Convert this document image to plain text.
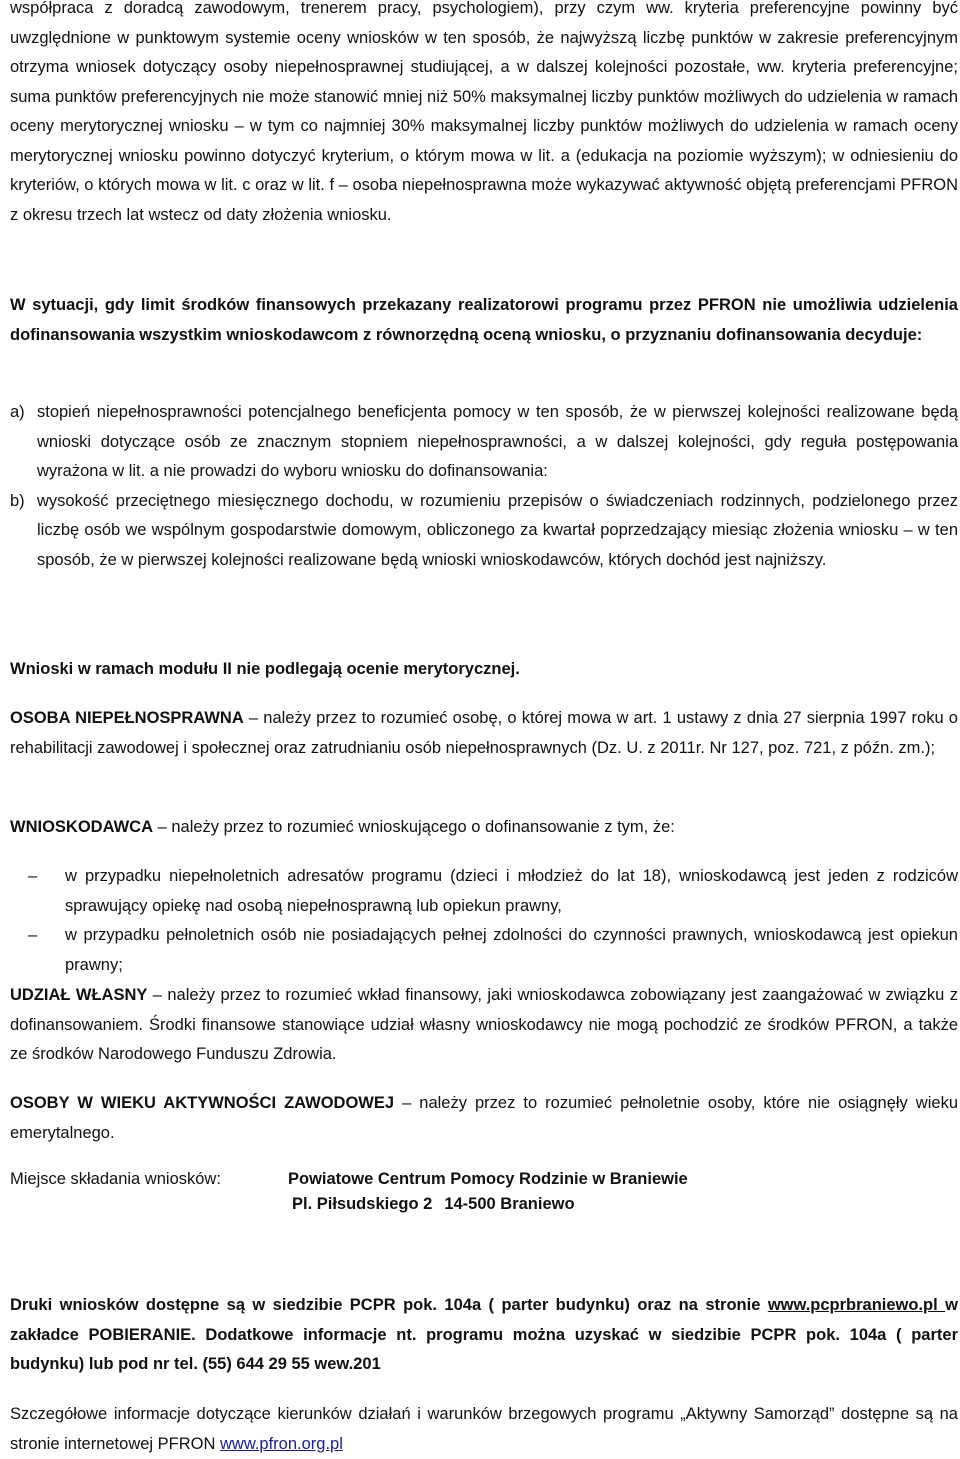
współpraca z doradcą zawodowym, trenerem pracy, psychologiem), przy czym ww. kryteria preferencyjne powinny być uwzględnione w punktowym systemie oceny wniosków w ten sposób, że najwyższą liczbę punktów w zakresie preferencyjnym otrzyma wniosek dotyczący osoby niepełnosprawnej studiującej, a w dalszej kolejności pozostałe, ww. kryteria preferencyjne; suma punktów preferencyjnych nie może stanowić mniej niż 50% maksymalnej liczby punktów możliwych do udzielenia w ramach oceny merytorycznej wniosku – w tym co najmniej 30% maksymalnej liczby punktów możliwych do udzielenia w ramach oceny merytorycznej wniosku powinno dotyczyć kryterium, o którym mowa w lit. a (edukacja na poziomie wyższym); w odniesieniu do kryteriów, o których mowa w lit. c oraz w lit. f – osoba niepełnosprawna może wykazywać aktywność objętą preferencjami PFRON z okresu trzech lat wstecz od daty złożenia wniosku.

W sytuacji, gdy limit środków finansowych przekazany realizatorowi programu przez PFRON nie umożliwia udzielenia dofinansowania wszystkim wnioskodawcom z równorzędną oceną wniosku, o przyznaniu dofinansowania decyduje:

a) stopień niepełnosprawności potencjalnego beneficjenta pomocy w ten sposób, że w pierwszej kolejności realizowane będą wnioski dotyczące osób ze znacznym stopniem niepełnosprawności, a w dalszej kolejności, gdy reguła postępowania wyrażona w lit. a nie prowadzi do wyboru wniosku do dofinansowania:
b) wysokość przeciętnego miesięcznego dochodu, w rozumieniu przepisów o świadczeniach rodzinnych, podzielonego przez liczbę osób we wspólnym gospodarstwie domowym, obliczonego za kwartał poprzedzający miesiąc złożenia wniosku – w ten sposób, że w pierwszej kolejności realizowane będą wnioski wnioskodawców, których dochód jest najniższy.

Wnioski w ramach modułu II nie podlegają ocenie merytorycznej.

OSOBA NIEPEŁNOSPRAWNA – należy przez to rozumieć osobę, o której mowa w art. 1 ustawy z dnia 27 sierpnia 1997 roku o rehabilitacji zawodowej i społecznej oraz zatrudnianiu osób niepełnosprawnych (Dz. U. z 2011r. Nr 127, poz. 721, z późn. zm.);

WNIOSKODAWCA – należy przez to rozumieć wnioskującego o dofinansowanie z tym, że:

–	w przypadku niepełnoletnich adresatów programu (dzieci i młodzież do lat 18), wnioskodawcą jest jeden z rodziców sprawujący opiekę nad osobą niepełnosprawną lub opiekun prawny,
–	w przypadku pełnoletnich osób nie posiadających pełnej zdolności do czynności prawnych, wnioskodawcą jest opiekun prawny;

UDZIAŁ WŁASNY – należy przez to rozumieć wkład finansowy, jaki wnioskodawca zobowiązany jest zaangażować w związku z dofinansowaniem. Środki finansowe stanowiące udział własny wnioskodawcy nie mogą pochodzić ze środków PFRON, a także ze środków Narodowego Funduszu Zdrowia.

OSOBY W WIEKU AKTYWNOŚCI ZAWODOWEJ – należy przez to rozumieć pełnoletnie osoby, które nie osiągnęły wieku emerytalnego.

Miejsce składania wniosków:	Powiatowe Centrum Pomocy Rodzinie w Braniewie
Pl. Piłsudskiego 2 14-500 Braniewo

Druki wniosków dostępne są w siedzibie PCPR pok. 104a ( parter budynku) oraz na stronie www.pcprbraniewo.pl w zakładce POBIERANIE. Dodatkowe informacje nt. programu można uzyskać w siedzibie PCPR pok. 104a ( parter budynku) lub pod nr tel. (55) 644 29 55 wew.201

Szczegółowe informacje dotyczące kierunków działań i warunków brzegowych programu „Aktywny Samorząd” dostępne są na stronie internetowej PFRON www.pfron.org.pl
